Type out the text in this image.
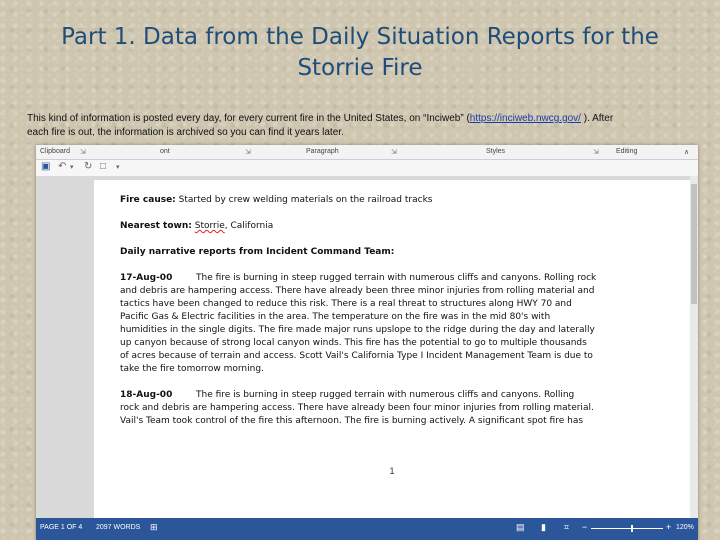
Part 1. Data from the Daily Situation Reports for the
Storrie Fire
This kind of information is posted every day, for every current fire in the United States, on “Inciweb” (https://inciweb.nwcg.gov/ ). After
each fire is out, the information is archived so you can find it years later.
Clipboard ⇲	ont	⇲	Paragraph	⇲	Styles	⇲ Editing	∧
▣ ↶ ▾ ↻ □ ▾
Fire cause: Started by crew welding materials on the railroad tracks
Nearest town: Storrie, California
Daily narrative reports from Incident Command Team:
17-Aug-00	The fire is burning in steep rugged terrain with numerous cliffs and canyons. Rolling rock
and debris are hampering access. There have already been three minor injuries from rolling material and
tactics have been changed to reduce this risk. There is a real threat to structures along HWY 70 and
Pacific Gas & Electric facilities in the area. The temperature on the fire was in the mid 80's with
humidities in the single digits. The fire made major runs upslope to the ridge during the day and laterally
up canyon because of strong local canyon winds. This fire has the potential to go to multiple thousands
of acres because of terrain and access. Scott Vail's California Type I Incident Management Team is due to
take the fire tomorrow morning.
18-Aug-00	The fire is burning in steep rugged terrain with numerous cliffs and canyons. Rolling
rock and debris are hampering access. There have already been four minor injuries from rolling material.
Vail's Team took control of the fire this afternoon. The fire is burning actively. A significant spot fire has
1
PAGE 1 OF 4 2097 WORDS ⊞	▤ ▮ ⌗ −	+ 120%
